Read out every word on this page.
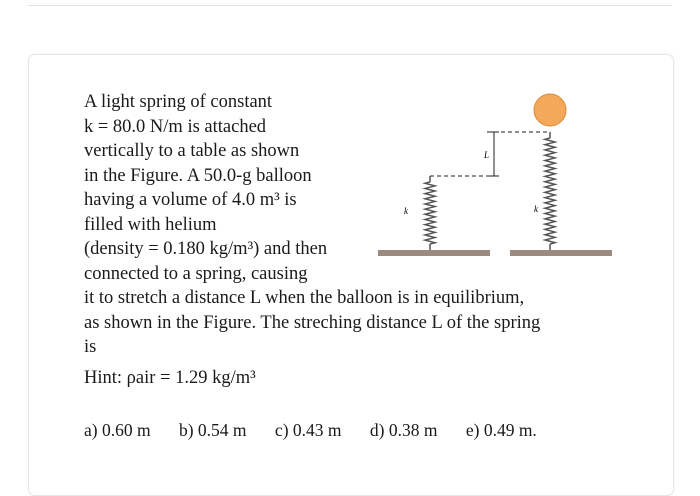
A light spring of constant
k = 80.0 N/m is attached
vertically to a table as shown
in the Figure. A 50.0-g balloon
having a volume of 4.0 m³ is
filled with helium
(density = 0.180 kg/m³) and then
connected to a spring, causing
it to stretch a distance L when the balloon is in equilibrium,
as shown in the Figure. The streching distance L of the spring
is
Hint: ρair = 1.29 kg/m³
k
L
k
a) 0.60 m b) 0.54 m c) 0.43 m d) 0.38 m e) 0.49 m.
